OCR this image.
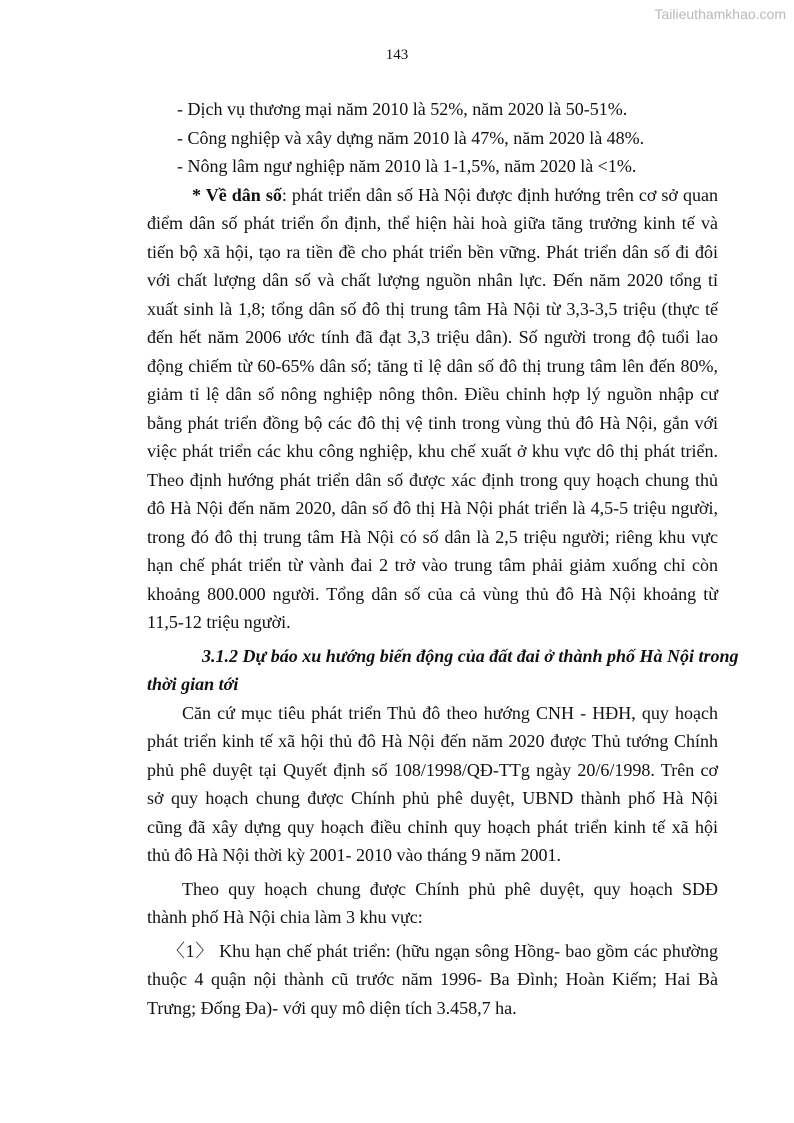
Tailieuthamkhao.com
143
- Dịch vụ thương mại năm 2010 là 52%, năm 2020 là 50-51%.
- Công nghiệp và xây dựng năm 2010 là 47%, năm 2020 là 48%.
- Nông lâm ngư nghiệp năm 2010 là 1-1,5%, năm 2020 là <1%.
* Về dân số: phát triển dân số Hà Nội được định hướng trên cơ sở quan
điểm dân số phát triển ổn định, thể hiện hài hoà giữa tăng trưởng kinh tế và
tiến bộ xã hội, tạo ra tiền đề cho phát triển bền vững. Phát triển dân số đi đôi
với chất lượng dân số và chất lượng nguồn nhân lực. Đến năm 2020 tổng tỉ
xuất sinh là 1,8; tổng dân số đô thị trung tâm Hà Nội từ 3,3-3,5 triệu (thực tế
đến hết năm 2006 ước tính đã đạt 3,3 triệu dân). Số người trong độ tuổi lao
động chiếm từ 60-65% dân số; tăng tỉ lệ dân số đô thị trung tâm lên đến 80%,
giảm tỉ lệ dân số nông nghiệp nông thôn. Điều chỉnh hợp lý nguồn nhập cư
bằng phát triển đồng bộ các đô thị vệ tinh trong vùng thủ đô Hà Nội, gắn với
việc phát triển các khu công nghiệp, khu chế xuất ở khu vực dô thị phát triển.
Theo định hướng phát triển dân số được xác định trong quy hoạch chung thủ
đô Hà Nội đến năm 2020, dân số đô thị Hà Nội phát triển là 4,5-5 triệu người,
trong đó đô thị trung tâm Hà Nội có số dân là 2,5 triệu người; riêng khu vực
hạn chế phát triển từ vành đai 2 trở vào trung tâm phải giảm xuống chỉ còn
khoảng 800.000 người. Tổng dân số của cả vùng thủ đô Hà Nội khoảng từ
11,5-12 triệu người.
3.1.2 Dự báo xu hướng biến động của đất đai ở thành phố Hà Nội trong
thời gian tới
Căn cứ mục tiêu phát triển Thủ đô theo hướng CNH - HĐH, quy hoạch
phát triển kinh tế xã hội thủ đô Hà Nội đến năm 2020 được Thủ tướng Chính
phủ phê duyệt tại Quyết định số 108/1998/QĐ-TTg ngày 20/6/1998. Trên cơ
sở quy hoạch chung được Chính phủ phê duyệt, UBND thành phố Hà Nội
cũng đã xây dựng quy hoạch điều chỉnh quy hoạch phát triển kinh tế xã hội
thủ đô Hà Nội thời kỳ 2001- 2010 vào tháng 9 năm 2001.
Theo quy hoạch chung được Chính phủ phê duyệt, quy hoạch SDĐ
thành phố Hà Nội chia làm 3 khu vực:
〈1〉 Khu hạn chế phát triển: (hữu ngạn sông Hồng- bao gồm các phường
thuộc 4 quận nội thành cũ trước năm 1996- Ba Đình; Hoàn Kiếm; Hai Bà
Trưng; Đống Đa)- với quy mô diện tích 3.458,7 ha.
